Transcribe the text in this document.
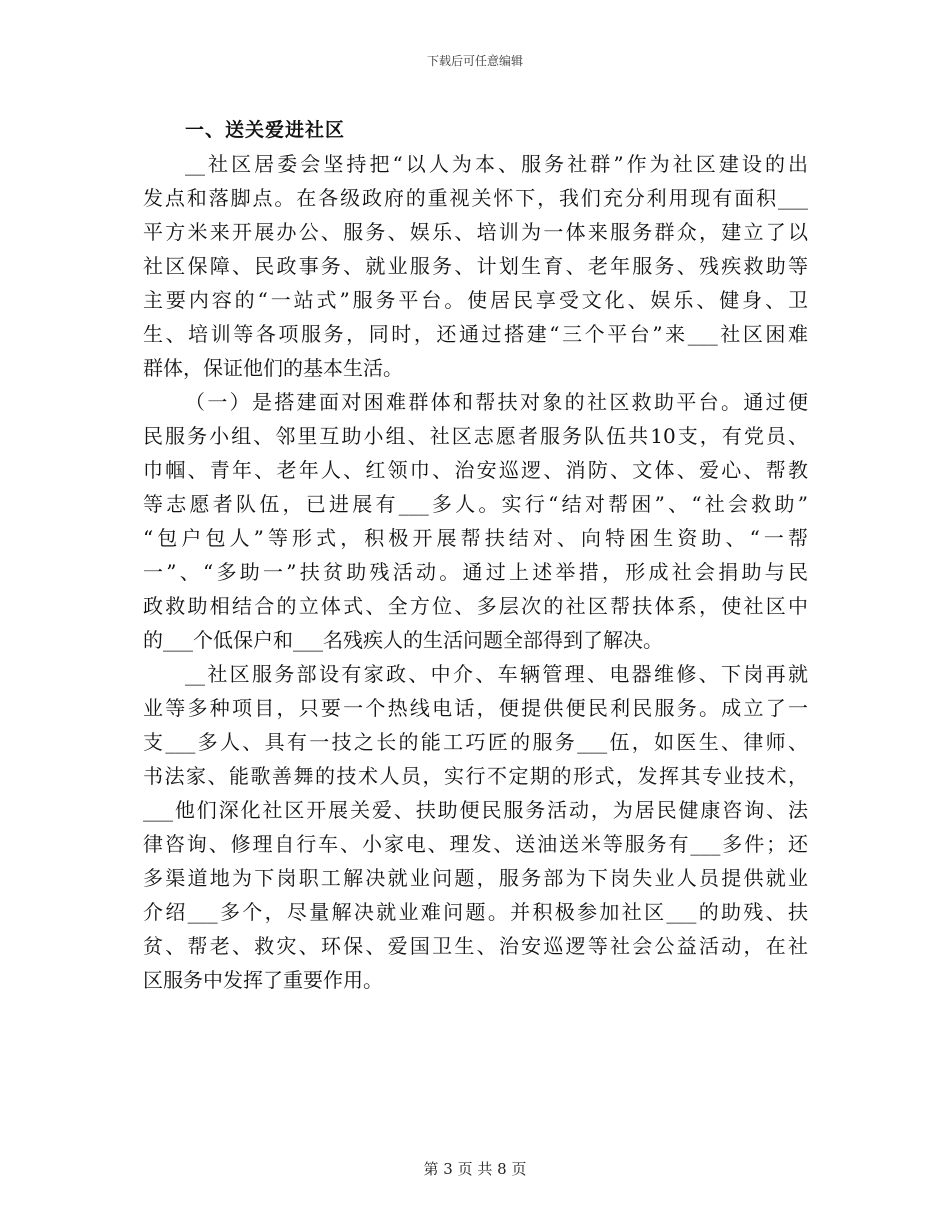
下载后可任意编辑
一、送关爱进社区
__社区居委会坚持把“以人为本、服务社群”作为社区建设的出
发点和落脚点。在各级政府的重视关怀下，我们充分利用现有面积___
平方米来开展办公、服务、娱乐、培训为一体来服务群众，建立了以
社区保障、民政事务、就业服务、计划生育、老年服务、残疾救助等
主要内容的“一站式”服务平台。使居民享受文化、娱乐、健身、卫
生、培训等各项服务，同时，还通过搭建“三个平台”来___社区困难
群体，保证他们的基本生活。
（一）是搭建面对困难群体和帮扶对象的社区救助平台。通过便
民服务小组、邻里互助小组、社区志愿者服务队伍共10支，有党员、
巾帼、青年、老年人、红领巾、治安巡逻、消防、文体、爱心、帮教
等志愿者队伍，已进展有___多人。实行“结对帮困”、“社会救助”
“包户包人”等形式，积极开展帮扶结对、向特困生资助、“一帮
一”、“多助一”扶贫助残活动。通过上述举措，形成社会捐助与民
政救助相结合的立体式、全方位、多层次的社区帮扶体系，使社区中
的___个低保户和___名残疾人的生活问题全部得到了解决。
__社区服务部设有家政、中介、车辆管理、电器维修、下岗再就
业等多种项目，只要一个热线电话，便提供便民利民服务。成立了一
支___多人、具有一技之长的能工巧匠的服务___伍，如医生、律师、
书法家、能歌善舞的技术人员，实行不定期的形式，发挥其专业技术，
___他们深化社区开展关爱、扶助便民服务活动，为居民健康咨询、法
律咨询、修理自行车、小家电、理发、送油送米等服务有___多件；还
多渠道地为下岗职工解决就业问题，服务部为下岗失业人员提供就业
介绍___多个，尽量解决就业难问题。并积极参加社区___的助残、扶
贫、帮老、救灾、环保、爱国卫生、治安巡逻等社会公益活动，在社
区服务中发挥了重要作用。
第 3 页 共 8 页
